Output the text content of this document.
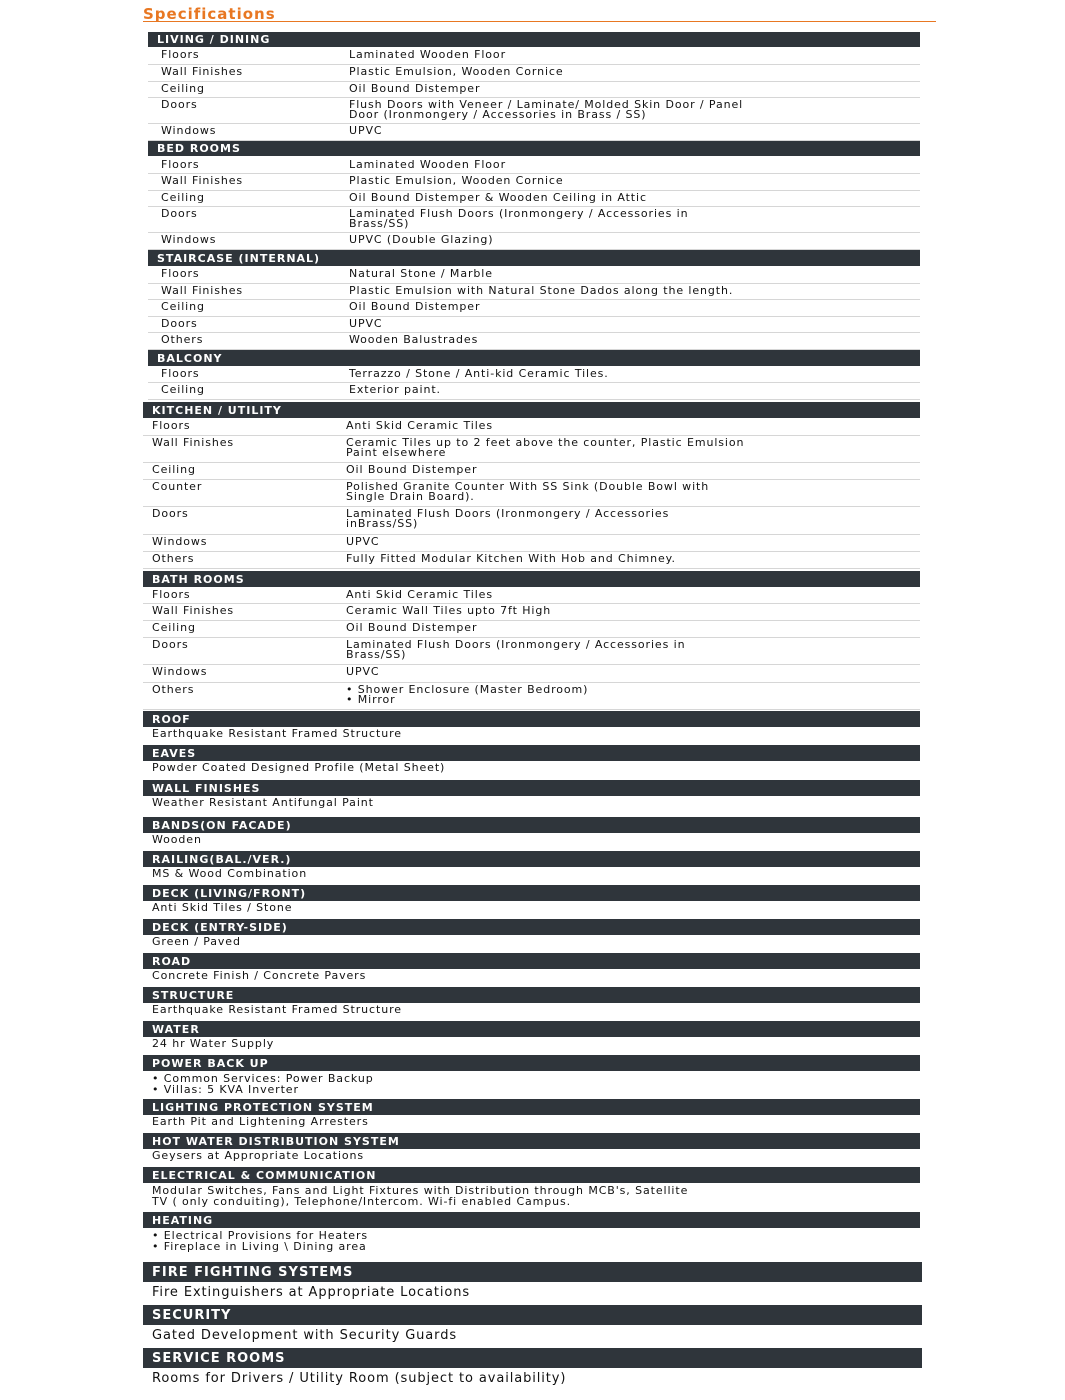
Specifications
LIVING / DINING
Floors	Laminated Wooden Floor
Wall Finishes	Plastic Emulsion, Wooden Cornice
Ceiling	Oil Bound Distemper
Doors	Flush Doors with Veneer / Laminate/ Molded Skin Door / Panel
Door (Ironmongery / Accessories in Brass / SS)
Windows	UPVC
BED ROOMS
Floors	Laminated Wooden Floor
Wall Finishes	Plastic Emulsion, Wooden Cornice
Ceiling	Oil Bound Distemper & Wooden Ceiling in Attic
Doors	Laminated Flush Doors (Ironmongery / Accessories in
Brass/SS)
Windows	UPVC (Double Glazing)
STAIRCASE (INTERNAL)
Floors	Natural Stone / Marble
Wall Finishes	Plastic Emulsion with Natural Stone Dados along the length.
Ceiling	Oil Bound Distemper
Doors	UPVC
Others	Wooden Balustrades
BALCONY
Floors	Terrazzo / Stone / Anti-kid Ceramic Tiles.
Ceiling	Exterior paint.
KITCHEN / UTILITY
Floors	Anti Skid Ceramic Tiles
Wall Finishes	Ceramic Tiles up to 2 feet above the counter, Plastic Emulsion
Paint elsewhere
Ceiling	Oil Bound Distemper
Counter	Polished Granite Counter With SS Sink (Double Bowl with
Single Drain Board).
Doors	Laminated Flush Doors (Ironmongery / Accessories
inBrass/SS)
Windows	UPVC
Others	Fully Fitted Modular Kitchen With Hob and Chimney.
BATH ROOMS
Floors	Anti Skid Ceramic Tiles
Wall Finishes	Ceramic Wall Tiles upto 7ft High
Ceiling	Oil Bound Distemper
Doors	Laminated Flush Doors (Ironmongery / Accessories in
Brass/SS)
Windows	UPVC
Others	• Shower Enclosure (Master Bedroom)
• Mirror
ROOF
Earthquake Resistant Framed Structure
EAVES
Powder Coated Designed Profile (Metal Sheet)
WALL FINISHES
Weather Resistant Antifungal Paint
BANDS(ON FACADE)
Wooden
RAILING(BAL./VER.)
MS & Wood Combination
DECK (LIVING/FRONT)
Anti Skid Tiles / Stone
DECK (ENTRY-SIDE)
Green / Paved
ROAD
Concrete Finish / Concrete Pavers
STRUCTURE
Earthquake Resistant Framed Structure
WATER
24 hr Water Supply
POWER BACK UP
• Common Services: Power Backup
• Villas: 5 KVA Inverter
LIGHTING PROTECTION SYSTEM
Earth Pit and Lightening Arresters
HOT WATER DISTRIBUTION SYSTEM
Geysers at Appropriate Locations
ELECTRICAL & COMMUNICATION
Modular Switches, Fans and Light Fixtures with Distribution through MCB's, Satellite
TV ( only conduiting), Telephone/Intercom. Wi-fi enabled Campus.
HEATING
• Electrical Provisions for Heaters
• Fireplace in Living \ Dining area
FIRE FIGHTING SYSTEMS
Fire Extinguishers at Appropriate Locations
SECURITY
Gated Development with Security Guards
SERVICE ROOMS
Rooms for Drivers / Utility Room (subject to availability)
